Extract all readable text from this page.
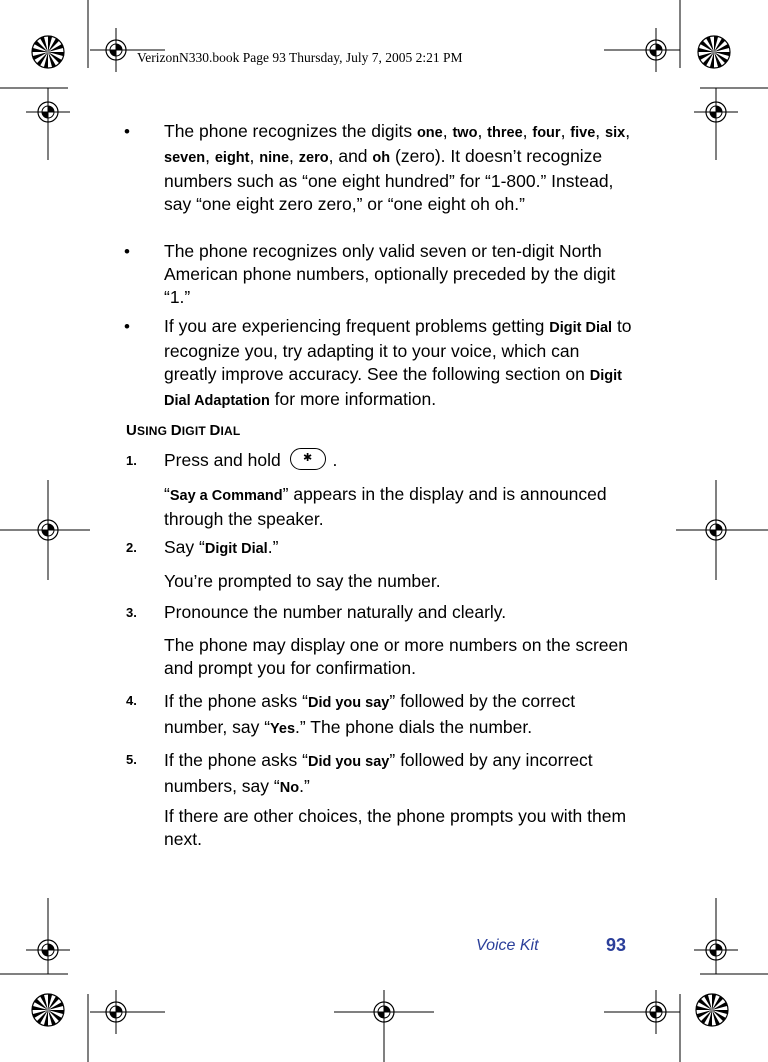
VerizonN330.book Page 93 Thursday, July 7, 2005 2:21 PM
• The phone recognizes the digits one, two, three, four, five, six, seven, eight, nine, zero, and oh (zero). It doesn’t recognize numbers such as “one eight hundred” for “1-800.” Instead, say “one eight zero zero,” or “one eight oh oh.”

• The phone recognizes only valid seven or ten-digit North American phone numbers, optionally preceded by the digit “1.”

• If you are experiencing frequent problems getting Digit Dial to recognize you, try adapting it to your voice, which can greatly improve accuracy. See the following section on Digit Dial Adaptation for more information.

USING DIGIT DIAL
1. Press and hold ✱ .

“Say a Command” appears in the display and is announced through the speaker.

2. Say “Digit Dial.”

You’re prompted to say the number.

3. Pronounce the number naturally and clearly.

The phone may display one or more numbers on the screen and prompt you for confirmation.

4. If the phone asks “Did you say” followed by the correct number, say “Yes.” The phone dials the number.

5. If the phone asks “Did you say” followed by any incorrect numbers, say “No.”

If there are other choices, the phone prompts you with them next.

Voice Kit	93
